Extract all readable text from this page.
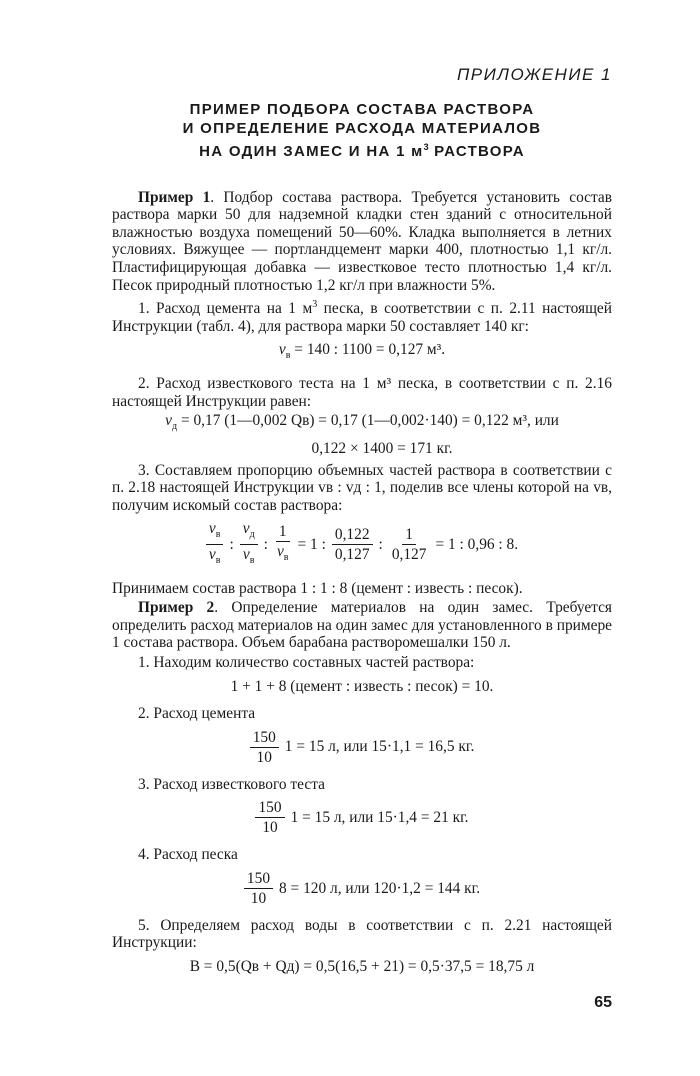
ПРИЛОЖЕНИЕ 1
ПРИМЕР ПОДБОРА СОСТАВА РАСТВОРА
И ОПРЕДЕЛЕНИЕ РАСХОДА МАТЕРИАЛОВ
НА ОДИН ЗАМЕС И НА 1 $м^3$ РАСТВОРА

Пример 1. Подбор состава раствора. Требуется установить состав раствора марки 50 для надземной кладки стен зданий с относительной влажностью воздуха помещений 50—60%. Кладка выполняется в летних условиях. Вяжущее — портландцемент марки 400, плотностью 1,1 кг/л. Пластифицирующая добавка — известковое тесто плотностью 1,4 кг/л. Песок природный плотностью 1,2 кг/л при влажности 5%.

1. Расход цемента на 1 $м^3$ песка, в соответствии с п. 2.11 настоящей Инструкции (табл. 4), для раствора марки 50 составляет 140 кг:

$v_в = 140$ : 1100 = 0,127 м³.

2. Расход известкового теста на 1 м³ песка, в соответствии с п. 2.16 настоящей Инструкции равен:

$v_д = 0,17$ (1—0,002 Qв) = 0,17 (1—0,002·140) = 0,122 м³, или
0,122 × 1400 = 171 кг.

3. Составляем пропорцию объемных частей раствора в соответствии с п. 2.18 настоящей Инструкции vв : vд : 1, поделив все члены которой на vв, получим искомый состав раствора:

$\frac{v_в}{v_в}$ : $\frac{v_д}{v_в}$ : $\frac{1}{v_в} = 1$ : $\frac{0,122}{0,127}$ : $\frac{1}{0,127} = 1$ : 0,96 : 8.

Принимаем состав раствора 1 : 1 : 8 (цемент : известь : песок).

Пример 2. Определение материалов на один замес. Требуется определить расход материалов на один замес для установленного в примере 1 состава раствора. Объем барабана растворомешалки 150 л.

1. Находим количество составных частей раствора:

1 + 1 + 8 (цемент : известь : песок) = 10.

2. Расход цемента

$\frac{150}{10} 1 = 15$ л, или 15·1,1 = 16,5 кг.

3. Расход известкового теста

$\frac{150}{10} 1 = 15$ л, или 15·1,4 = 21 кг.

4. Расход песка

$\frac{150}{10} 8 = 120$ л, или 120·1,2 = 144 кг.

5. Определяем расход воды в соответствии с п. 2.21 настоящей Инструкции:

B = 0,5(Qв + Qд) = 0,5(16,5 + 21) = 0,5·37,5 = 18,75 л
65
